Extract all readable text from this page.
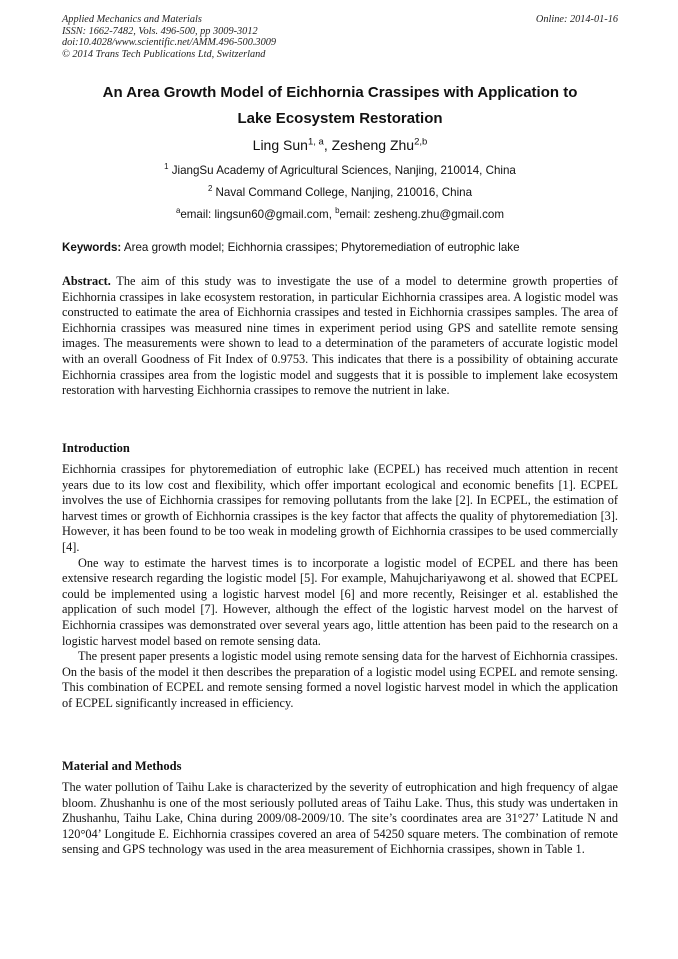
Applied Mechanics and Materials
ISSN: 1662-7482, Vols. 496-500, pp 3009-3012
doi:10.4028/www.scientific.net/AMM.496-500.3009
© 2014 Trans Tech Publications Ltd, Switzerland
Online: 2014-01-16
An Area Growth Model of Eichhornia Crassipes with Application to
Lake Ecosystem Restoration
Ling Sun$^{1, a}$, Zesheng Zhu$^{2,b}$
$^1$ JiangSu Academy of Agricultural Sciences, Nanjing, 210014, China
$^2$ Naval Command College, Nanjing, 210016, China
$^a$email: lingsun60@gmail.com, $^b$email: zesheng.zhu@gmail.com
Keywords: Area growth model; Eichhornia crassipes; Phytoremediation of eutrophic lake

Abstract. The aim of this study was to investigate the use of a model to determine growth properties of Eichhornia crassipes in lake ecosystem restoration, in particular Eichhornia crassipes area. A logistic model was constructed to eatimate the area of Eichhornia crassipes and tested in Eichhornia crassipes samples. The area of Eichhornia crassipes was measured nine times in experiment period using GPS and satellite remote sensing images. The measurements were shown to lead to a determination of the parameters of accurate logistic model with an overall Goodness of Fit Index of 0.9753. This indicates that there is a possibility of obtaining accurate Eichhornia crassipes area from the logistic model and suggests that it is possible to implement lake ecosystem restoration with harvesting Eichhornia crassipes to remove the nutrient in lake.

Introduction

Eichhornia crassipes for phytoremediation of eutrophic lake (ECPEL) has received much attention in recent years due to its low cost and flexibility, which offer important ecological and economic benefits [1]. ECPEL involves the use of Eichhornia crassipes for removing pollutants from the lake [2]. In ECPEL, the estimation of harvest times or growth of Eichhornia crassipes is the key factor that affects the quality of phytoremediation [3]. However, it has been found to be too weak in modeling growth of Eichhornia crassipes to be used commercially [4].

One way to estimate the harvest times is to incorporate a logistic model of ECPEL and there has been extensive research regarding the logistic model [5]. For example, Mahujchariyawong et al. showed that ECPEL could be implemented using a logistic harvest model [6] and more recently, Reisinger et al. established the application of such model [7]. However, although the effect of the logistic harvest model on the harvest of Eichhornia crassipes was demonstrated over several years ago, little attention has been paid to the research on a logistic harvest model based on remote sensing data.

The present paper presents a logistic model using remote sensing data for the harvest of Eichhornia crassipes. On the basis of the model it then describes the preparation of a logistic model using ECPEL and remote sensing. This combination of ECPEL and remote sensing formed a novel logistic harvest model in which the application of ECPEL significantly increased in efficiency.

Material and Methods

The water pollution of Taihu Lake is characterized by the severity of eutrophication and high frequency of algae bloom. Zhushanhu is one of the most seriously polluted areas of Taihu Lake. Thus, this study was undertaken in Zhushanhu, Taihu Lake, China during 2009/08-2009/10. The site’s coordinates area are 31°27’ Latitude N and 120°04’ Longitude E. Eichhornia crassipes covered an area of 54250 square meters. The combination of remote sensing and GPS technology was used in the area measurement of Eichhornia crassipes, shown in Table 1.
